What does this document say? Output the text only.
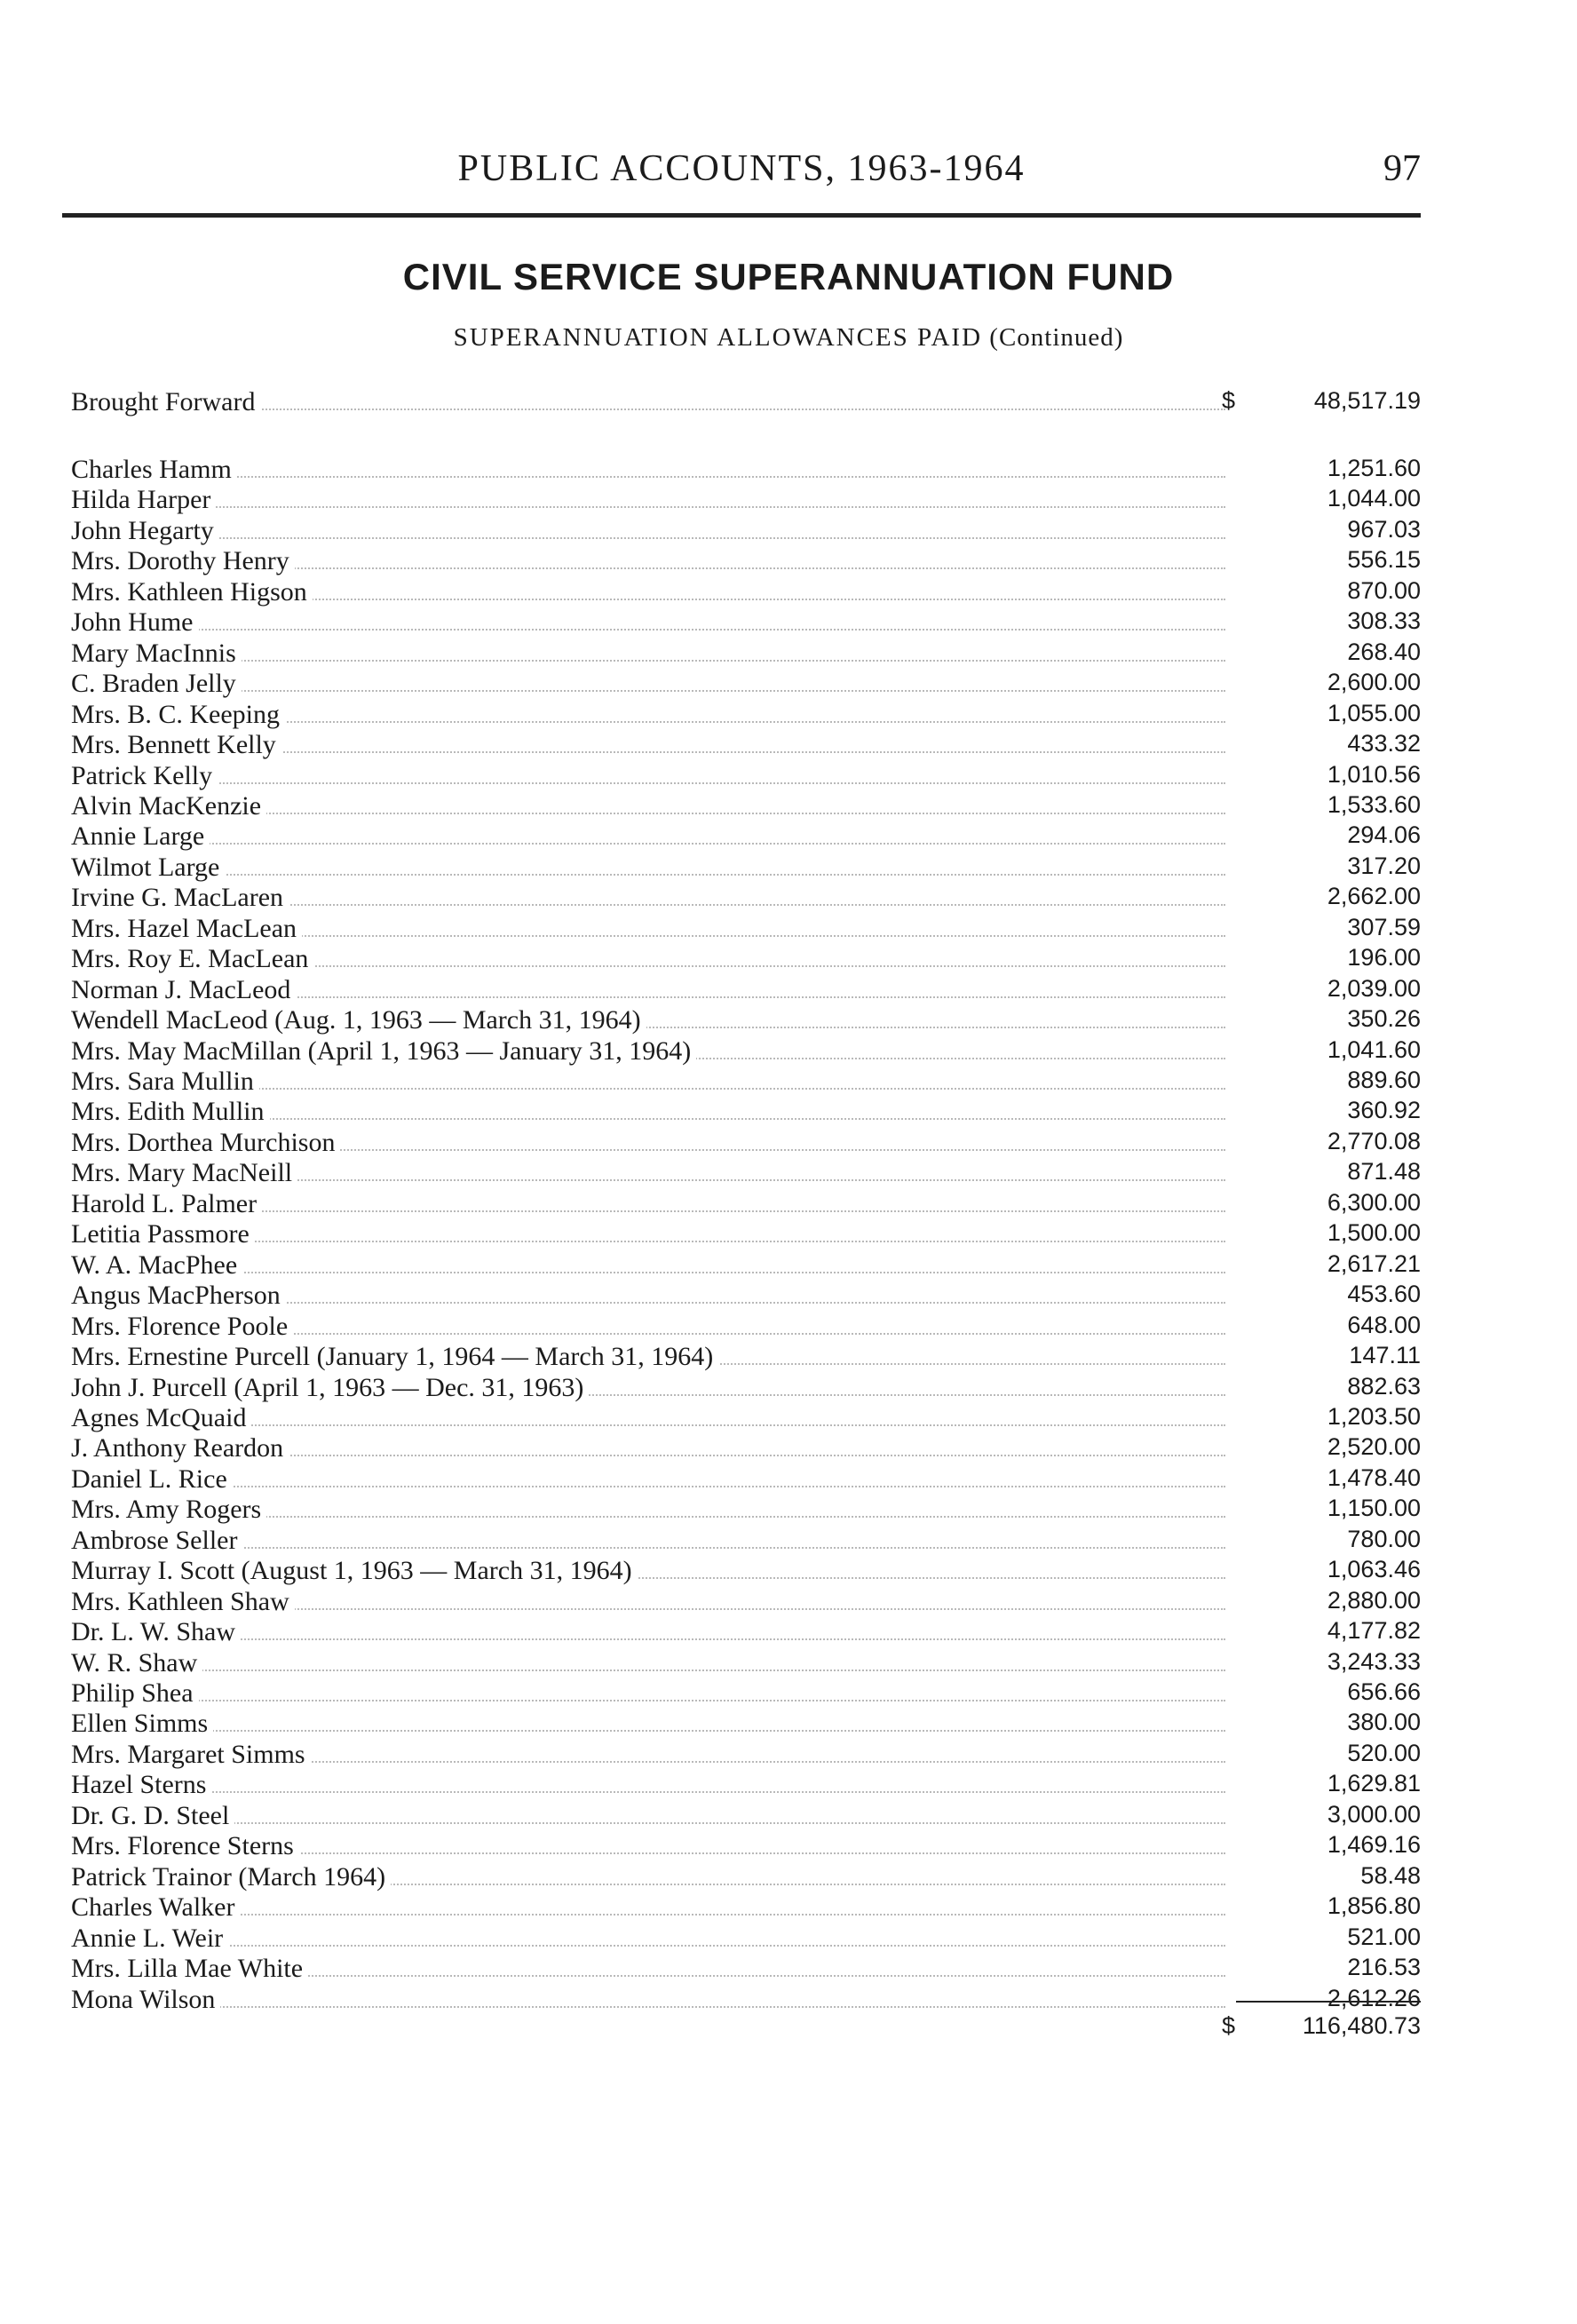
PUBLIC ACCOUNTS, 1963-1964	97
CIVIL SERVICE SUPERANNUATION FUND
SUPERANNUATION ALLOWANCES PAID (Continued)
Brought Forward	$	48,517.19
Charles Hamm	1,251.60
Hilda Harper	1,044.00
John Hegarty	967.03
Mrs. Dorothy Henry	556.15
Mrs. Kathleen Higson	870.00
John Hume	308.33
Mary MacInnis	268.40
C. Braden Jelly	2,600.00
Mrs. B. C. Keeping	1,055.00
Mrs. Bennett Kelly	433.32
Patrick Kelly	1,010.56
Alvin MacKenzie	1,533.60
Annie Large	294.06
Wilmot Large	317.20
Irvine G. MacLaren	2,662.00
Mrs. Hazel MacLean	307.59
Mrs. Roy E. MacLean	196.00
Norman J. MacLeod	2,039.00
Wendell MacLeod (Aug. 1, 1963 — March 31, 1964)	350.26
Mrs. May MacMillan (April 1, 1963 — January 31, 1964)	1,041.60
Mrs. Sara Mullin	889.60
Mrs. Edith Mullin	360.92
Mrs. Dorthea Murchison	2,770.08
Mrs. Mary MacNeill	871.48
Harold L. Palmer	6,300.00
Letitia Passmore	1,500.00
W. A. MacPhee	2,617.21
Angus MacPherson	453.60
Mrs. Florence Poole	648.00
Mrs. Ernestine Purcell (January 1, 1964 — March 31, 1964)	147.11
John J. Purcell (April 1, 1963 — Dec. 31, 1963)	882.63
Agnes McQuaid	1,203.50
J. Anthony Reardon	2,520.00
Daniel L. Rice	1,478.40
Mrs. Amy Rogers	1,150.00
Ambrose Seller	780.00
Murray I. Scott (August 1, 1963 — March 31, 1964)	1,063.46
Mrs. Kathleen Shaw	2,880.00
Dr. L. W. Shaw	4,177.82
W. R. Shaw	3,243.33
Philip Shea	656.66
Ellen Simms	380.00
Mrs. Margaret Simms	520.00
Hazel Sterns	1,629.81
Dr. G. D. Steel	3,000.00
Mrs. Florence Sterns	1,469.16
Patrick Trainor (March 1964)	58.48
Charles Walker	1,856.80
Annie L. Weir	521.00
Mrs. Lilla Mae White	216.53
Mona Wilson	2,612.26
$	116,480.73
